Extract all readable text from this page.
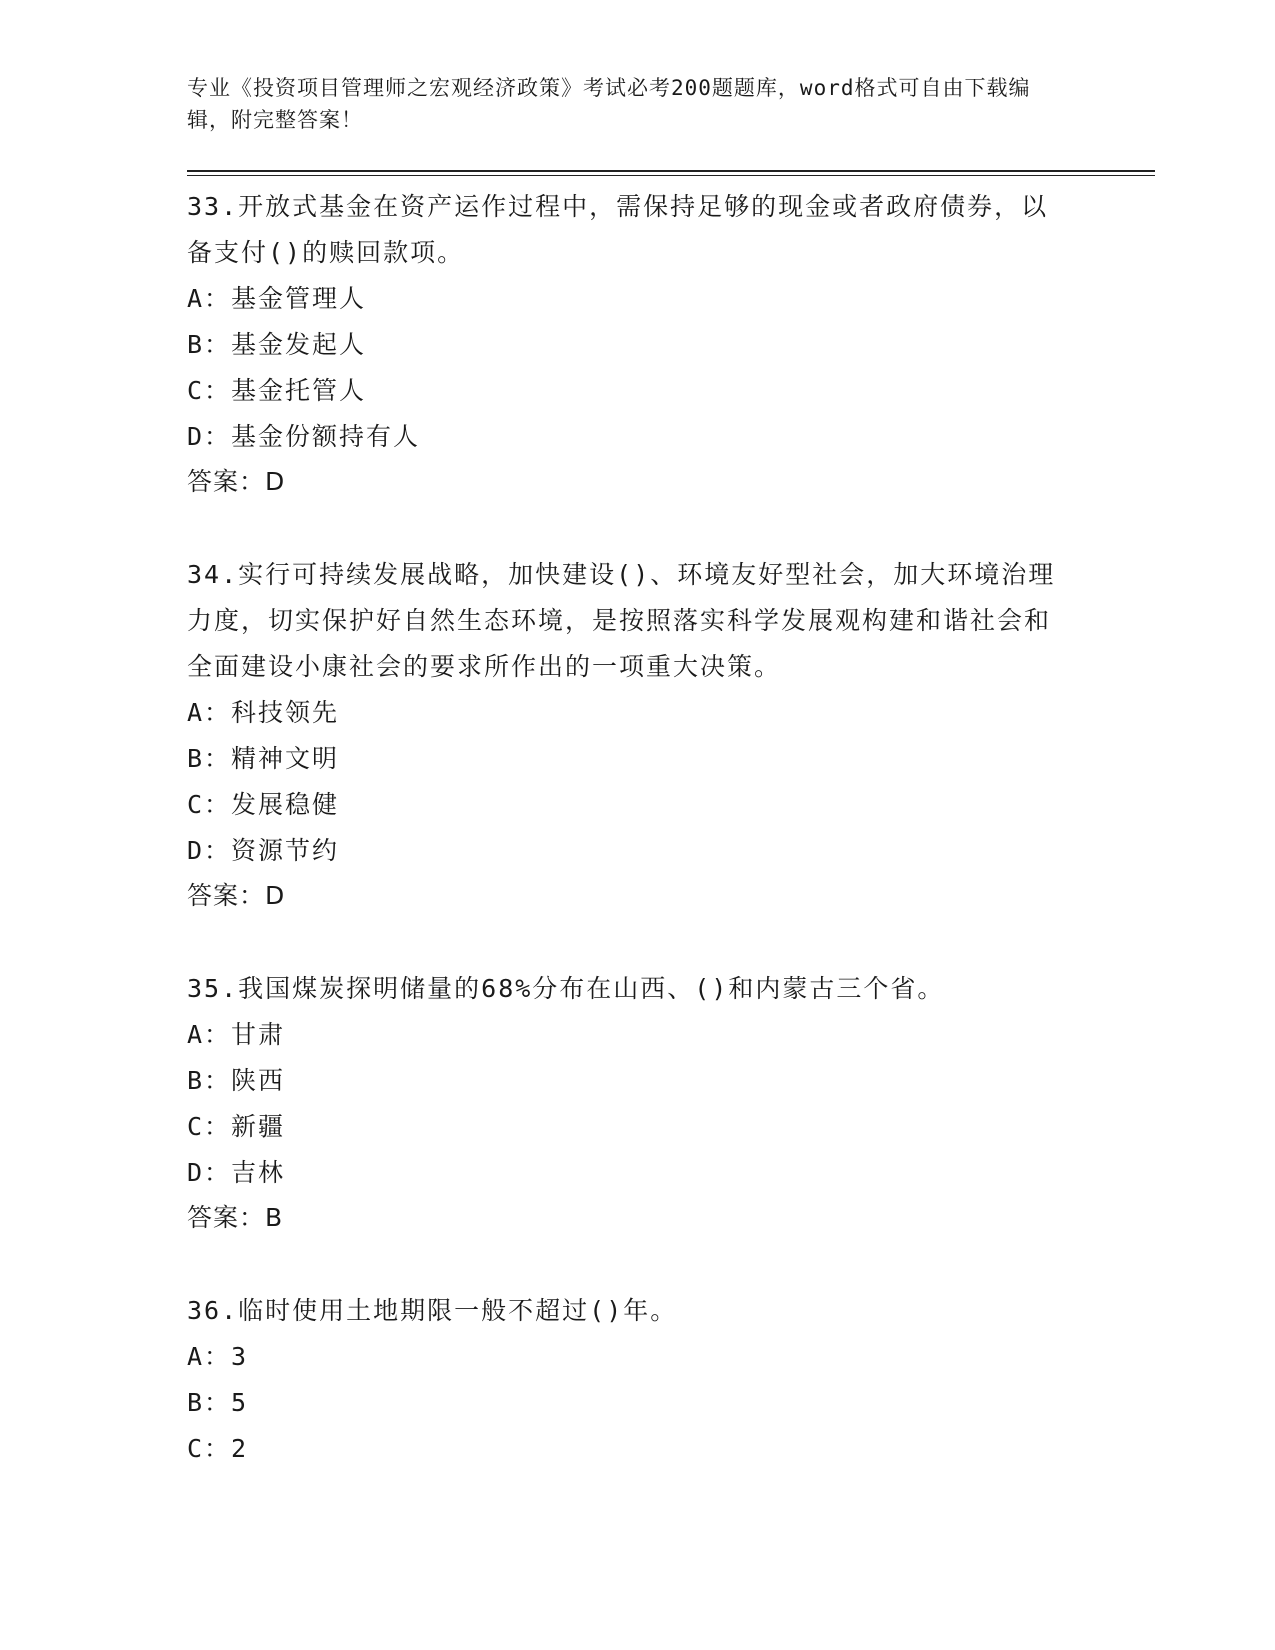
专业《投资项目管理师之宏观经济政策》考试必考200题题库，word格式可自由下载编辑，附完整答案！
33.开放式基金在资产运作过程中，需保持足够的现金或者政府债券，以备支付()的赎回款项。
A：基金管理人
B：基金发起人
C：基金托管人
D：基金份额持有人
答案：D
34.实行可持续发展战略，加快建设()、环境友好型社会，加大环境治理力度，切实保护好自然生态环境，是按照落实科学发展观构建和谐社会和全面建设小康社会的要求所作出的一项重大决策。
A：科技领先
B：精神文明
C：发展稳健
D：资源节约
答案：D
35.我国煤炭探明储量的68%分布在山西、()和内蒙古三个省。
A：甘肃
B：陕西
C：新疆
D：吉林
答案：B
36.临时使用土地期限一般不超过()年。
A：3
B：5
C：2
